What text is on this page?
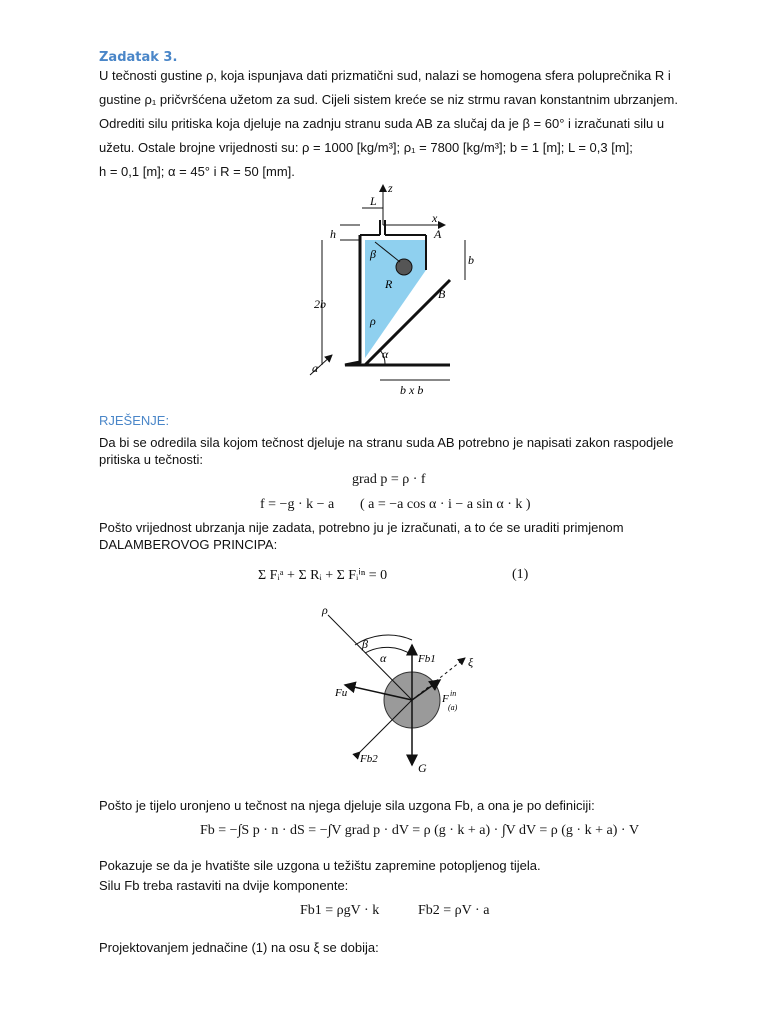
Zadatak 3.
U tečnosti gustine ρ, koja ispunjava dati prizmatični sud, nalazi se homogena sfera poluprečnika R i
gustine ρ₁ pričvršćena užetom za sud. Cijeli sistem kreće se niz strmu ravan konstantnim ubrzanjem.
Odrediti silu pritiska koja djeluje na zadnju stranu suda AB za slučaj da je β = 60° i izračunati silu u
užetu. Ostale brojne vrijednosti su: ρ = 1000 [kg/m³]; ρ₁ = 7800 [kg/m³]; b = 1 [m]; L = 0,3 [m];
h = 0,1 [m]; α = 45° i R = 50 [mm].
z
L
x
h	A
b
β
R
B
ρ
2b
α
a
b x b
RJEŠENJE:
Da bi se odredila sila kojom tečnost djeluje na stranu suda AB potrebno je napisati zakon raspodjele
pritiska u tečnosti:
grad p = ρ · f
f = −g · k − a ( a = −a cos α · i − a sin α · k )
Pošto vrijednost ubrzanja nije zadata, potrebno ju je izračunati, a to će se uraditi primjenom
DALAMBEROVOG PRINCIPA:
Σ Fᵢᵃ + Σ Rᵢ + Σ Fᵢⁱⁿ = 0	(1)
ρ
β
α	ξ
Fb1
Fu	F in
(a)
Fb2
G
Pošto je tijelo uronjeno u tečnost na njega djeluje sila uzgona Fb, a ona je po definiciji:
Fb = −∫S p · n · dS = −∫V grad p · dV = ρ (g · k + a) · ∫V dV = ρ (g · k + a) · V
Pokazuje se da je hvatište sile uzgona u težištu zapremine potopljenog tijela.
Silu Fb treba rastaviti na dvije komponente:
Fb1 = ρgV · k	Fb2 = ρV · a
Projektovanjem jednačine (1) na osu ξ se dobija:
